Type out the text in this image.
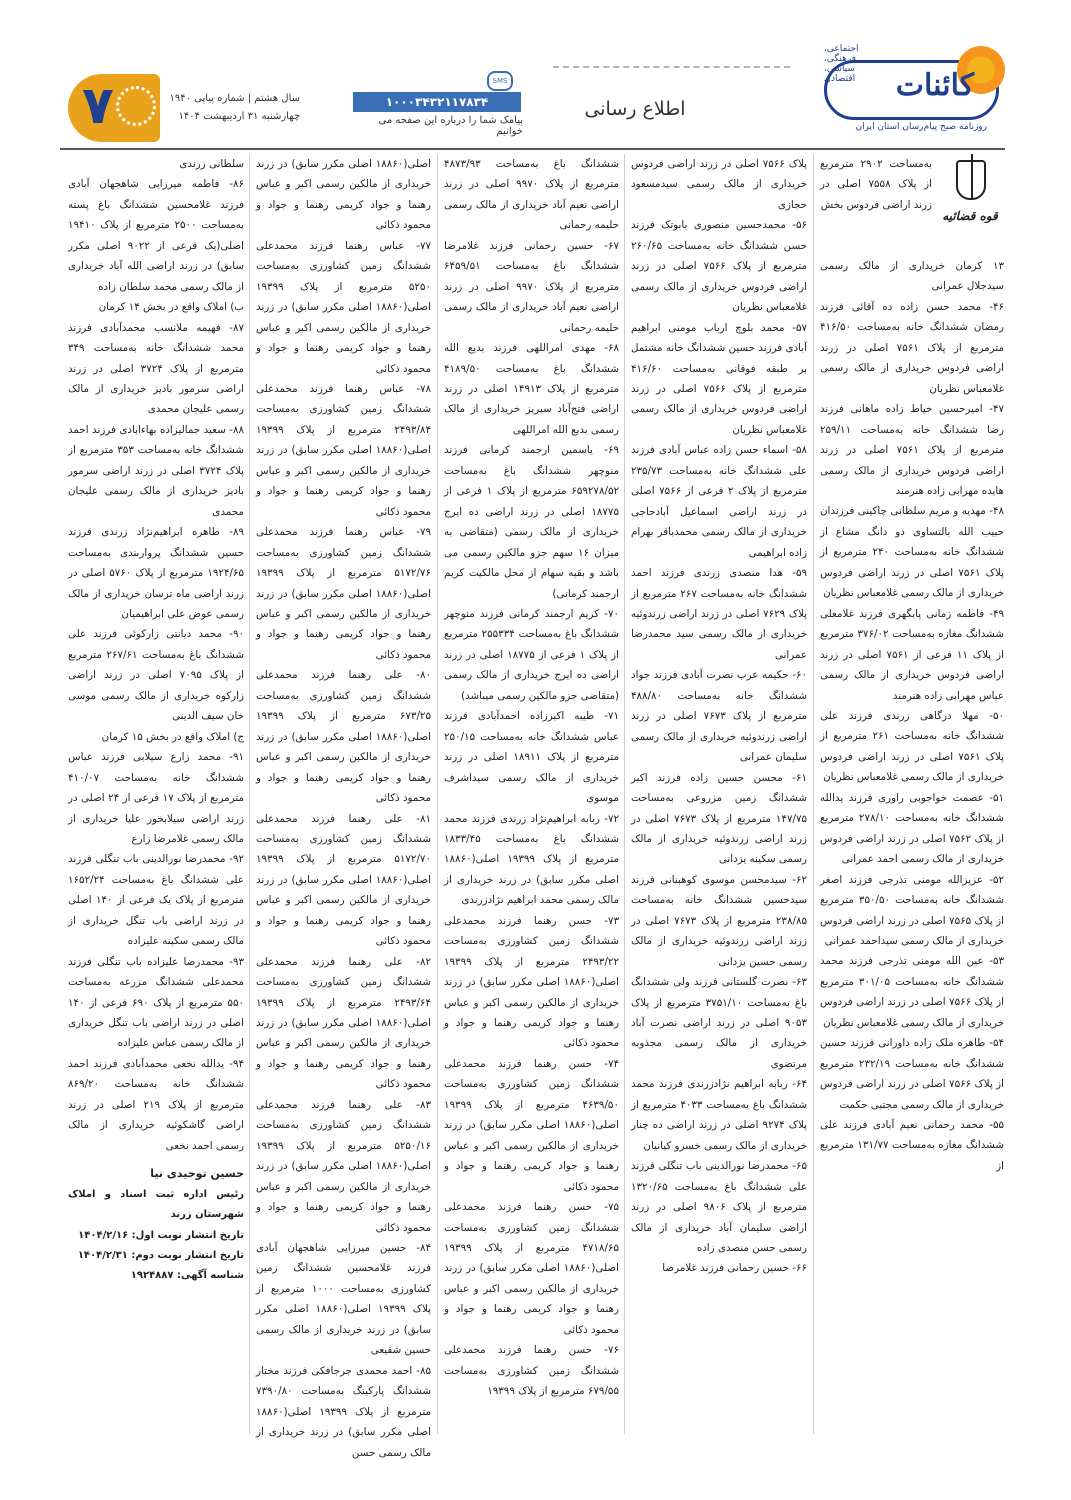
کائنات
اجتماعی، فرهنگی، سیاسی، اقتصادی
روزنامه صبح پیام‌رسان استان ایران
اطلاع رسانی
SMS
۱۰۰۰۳۴۳۲۱۱۷۸۳۴
پیامک شما را درباره این صفحه می خوانیم
سال هشتم | شماره پیاپی ۱۹۴۰
چهارشنبه ۳۱ اردیبهشت ۱۴۰۴
۷
قوه قضائیه
به‌مساحت ۲۹۰۲ مترمربع از پلاک ۷۵۵۸ اصلی در زرند اراضی فردوس بخش
۱۳ کرمان خریداری از مالک رسمی سیدجلال عمرانی
۴۶- محمد حسن زاده ده آقائی فرزند رمضان ششدانگ خانه به‌مساحت ۴۱۶/۵۰ مترمربع از پلاک ۷۵۶۱ اصلی در زرند اراضی فردوس خریداری از مالک رسمی غلامعباس نظریان
۴۷- امیرحسین خیاط زاده ماهانی فرزند رضا ششدانگ خانه به‌مساحت ۲۵۹/۱۱ مترمربع از پلاک ۷۵۶۱ اصلی در زرند اراضی فردوس خریداری از مالک رسمی هایده مهرابی زاده هنرمند
۴۸- مهدیه و مریم سلطانی چاکینی فرزندان حبیب الله بالتساوی دو دانگ مشاع از ششدانگ خانه به‌مساحت ۲۴۰ مترمربع از پلاک ۷۵۶۱ اصلی در زرند اراضی فردوس خریداری از مالک رسمی غلامعباس نظریان
۴۹- فاطمه زمانی پابگهری فرزند غلامعلی ششدانگ مغازه به‌مساحت ۳۷۶/۰۲ مترمربع از پلاک ۱۱ فرعی از ۷۵۶۱ اصلی در زرند اراضی فردوس خریداری از مالک رسمی عباس مهرابی زاده هنرمند
۵۰- مهلا درگاهی زرندی فرزند علی ششدانگ خانه به‌مساحت ۲۶۱ مترمربع از پلاک ۷۵۶۱ اصلی در زرند اراضی فردوس خریداری از مالک رسمی غلامعباس نظریان
۵۱- عصمت خواجوبی راوری فرزند یدالله ششدانگ خانه به‌مساحت ۲۷۸/۱۰ مترمربع از پلاک ۷۵۶۲ اصلی در زرند اراضی فردوس خریداری از مالک رسمی احمد عمرانی
۵۲- عزیزالله مومنی تذرجی فرزند اصغر ششدانگ خانه به‌مساحت ۳۵۰/۵۰ مترمربع از پلاک ۷۵۶۵ اصلی در زرند اراضی فردوس خریداری از مالک رسمی سیداحمد عمرانی
۵۳- عین الله مومنی تذرجی فرزند محمد ششدانگ خانه به‌مساحت ۳۰۱/۰۵ مترمربع از پلاک ۷۵۶۶ اصلی در زرند اراضی فردوس خریداری از مالک رسمی غلامعباس نظریان
۵۴- طاهره ملک زاده داورانی فرزند حسین ششدانگ خانه به‌مساحت ۲۳۲/۱۹ مترمربع از پلاک ۷۵۶۶ اصلی در زرند اراضی فردوس خریداری از مالک رسمی مجتبی حکمت
۵۵- محمد رحمانی نعیم آبادی فرزند علی ششدانگ مغازه به‌مساحت ۱۳۱/۷۷ مترمربع از
پلاک ۷۵۶۶ اصلی در زرند اراضی فردوس خریداری از مالک رسمی سیدمسعود حجازی
۵۶- محمدحسین منصوری بابوتک فرزند حسن ششدانگ خانه به‌مساحت ۲۶۰/۶۵ مترمربع از پلاک ۷۵۶۶ اصلی در زرند اراضی فردوس خریداری از مالک رسمی غلامعباس نظریان
۵۷- محمد بلوچ ارباب مومنی ابراهیم آبادی فرزند حسین ششدانگ خانه مشتمل بر طبقه فوقانی به‌مساحت ۴۱۶/۶۰ مترمربع از پلاک ۷۵۶۶ اصلی در زرند اراضی فردوس خریداری از مالک رسمی غلامعباس نظریان
۵۸- اسماء حسن زاده عباس آبادی فرزند علی ششدانگ خانه به‌مساحت ۲۳۵/۷۳ مترمربع از پلاک ۲ فرعی از ۷۵۶۶ اصلی در زرند اراضی اسماعیل آبادحاجی خریداری از مالک رسمی محمدباقر بهرام زاده ابراهیمی
۵۹- هدا منصدی زرندی فرزند احمد ششدانگ خانه به‌مساحت ۲۶۷ مترمربع از پلاک ۷۶۲۹ اصلی در زرند اراضی زرندوئیه خریداری از مالک رسمی سید محمدرضا عمرانی
۶۰- حکیمه عرب نصرت آبادی فرزند جواد ششدانگ خانه به‌مساحت ۴۸۸/۸۰ مترمربع از پلاک ۷۶۷۳ اصلی در زرند اراضی زرندوئیه خریداری از مالک رسمی سلیمان عمرانی
۶۱- محسن حسین زاده فرزند اکبر ششدانگ زمین مزروعی به‌مساحت ۱۴۷/۷۵ مترمربع از پلاک ۷۶۷۳ اصلی در زرند اراضی زرندوئیه خریداری از مالک رسمی سکینه یزدانی
۶۲- سیدمحسن موسوی کوهبنانی فرزند سیدحسین ششدانگ خانه به‌مساحت ۲۳۸/۸۵ مترمربع از پلاک ۷۶۷۳ اصلی در زرند اراضی زرندوئیه خریداری از مالک رسمی حسین یزدانی
۶۳- نصرت گلستانی فرزند ولی ششدانگ باغ به‌مساحت ۳۷۵۱/۱۰ مترمربع از پلاک ۹۰۵۳ اصلی در زرند اراضی نصرت آباد خریداری از مالک رسمی مجذوبه مرتضوی
۶۴- ربابه ابراهیم نژادزرندی فرزند محمد ششدانگ باغ به‌مساحت ۴۰۳۳ مترمربع از پلاک ۹۲۷۴ اصلی در زرند اراضی ده چنار خریداری از مالک رسمی خسرو کیانیان
۶۵- محمدرضا نورالدینی باب تنگلی فرزند علی ششدانگ باغ به‌مساحت ۱۳۲۰/۶۵ مترمربع از پلاک ۹۸۰۶ اصلی در زرند اراضی سلیمان آباد خریداری از مالک رسمی حسن منصدی زاده
۶۶- حسین رحمانی فرزند غلامرضا
ششدانگ باغ به‌مساحت ۴۸۷۳/۹۳ مترمربع از پلاک ۹۹۷۰ اصلی در زرند اراضی نعیم آباد خریداری از مالک رسمی حلیمه رحمانی
۶۷- حسین رحمانی فرزند غلامرضا ششدانگ باغ به‌مساحت ۶۴۵۹/۵۱ مترمربع از پلاک ۹۹۷۰ اصلی در زرند اراضی نعیم آباد خریداری از مالک رسمی حلیمه رحمانی
۶۸- مهدی امراللهی فرزند بدیع الله ششدانگ باغ به‌مساحت ۴۱۸۹/۵۰ مترمربع از پلاک ۱۴۹۱۳ اصلی در زرند اراضی فتح‌آباد سیریز خریداری از مالک رسمی بدیع الله امراللهی
۶۹- یاسمین ارجمند کرمانی فرزند منوچهر ششدانگ باغ به‌مساحت ۶۵۹۲۷۸/۵۲ مترمربع از پلاک ۱ فرعی از ۱۸۷۷۵ اصلی در زرند اراضی ده ایرج خریداری از مالک رسمی (متقاضی به میزان ۱۶ سهم جزو مالکین رسمی می باشد و بقیه سهام از محل مالکیت کریم ارجمند کرمانی)
۷۰- کریم ارجمند کرمانی فرزند منوچهر ششدانگ باغ به‌مساحت ۲۵۵۳۳۴ مترمربع از پلاک ۱ فرعی از ۱۸۷۷۵ اصلی در زرند اراضی ده ایرج خریداری از مالک رسمی (متقاضی جزو مالکین رسمی میباشد)
۷۱- طیبه اکبرزاده احمدآبادی فرزند عباس ششدانگ خانه به‌مساحت ۲۵۰/۱۵ مترمربع از پلاک ۱۸۹۱۱ اصلی در زرند خریداری از مالک رسمی سیداشرف موسوی
۷۲- ربابه ابراهیم‌نژاد زرندی فرزند محمد ششدانگ باغ به‌مساحت ۱۸۳۳/۴۵ مترمربع از پلاک ۱۹۳۹۹ اصلی(۱۸۸۶۰ اصلی مکرر سابق) در زرند خریداری از مالک رسمی محمد ابراهیم نژادزرندی
۷۳- حسن رهنما فرزند محمدعلی ششدانگ زمین کشاورزی به‌مساحت ۲۴۹۳/۲۲ مترمربع از پلاک ۱۹۳۹۹ اصلی(۱۸۸۶۰ اصلی مکرر سابق) در زرند خریداری از مالکین رسمی اکبر و عباس رهنما و جواد کریمی رهنما و جواد و محمود ذکائی
۷۴- حسن رهنما فرزند محمدعلی ششدانگ زمین کشاورزی به‌مساحت ۴۶۳۹/۵۰ مترمربع از پلاک ۱۹۳۹۹ اصلی(۱۸۸۶۰ اصلی مکرر سابق) در زرند خریداری از مالکین رسمی اکبر و عباس رهنما و جواد کریمی رهنما و جواد و محمود ذکائی
۷۵- حسن رهنما فرزند محمدعلی ششدانگ زمین کشاورزی به‌مساحت ۴۷۱۸/۶۵ مترمربع از پلاک ۱۹۳۹۹ اصلی(۱۸۸۶۰ اصلی مکرر سابق) در زرند خریداری از مالکین رسمی اکبر و عباس رهنما و جواد کریمی رهنما و جواد و محمود ذکائی
۷۶- حسن رهنما فرزند محمدعلی ششدانگ زمین کشاورزی به‌مساحت ۶۷۹/۵۵ مترمربع از پلاک ۱۹۳۹۹
اصلی(۱۸۸۶۰ اصلی مکرر سابق) در زرند خریداری از مالکین رسمی اکبر و عباس رهنما و جواد کریمی رهنما و جواد و محمود ذکائی
۷۷- عباس رهنما فرزند محمدعلی ششدانگ زمین کشاورزی به‌مساحت ۵۲۵۰ مترمربع از پلاک ۱۹۳۹۹ اصلی(۱۸۸۶۰ اصلی مکرر سابق) در زرند خریداری از مالکین رسمی اکبر و عباس رهنما و جواد کریمی رهنما و جواد و محمود ذکائی
۷۸- عباس رهنما فرزند محمدعلی ششدانگ زمین کشاورزی به‌مساحت ۲۴۹۳/۸۴ مترمربع از پلاک ۱۹۳۹۹ اصلی(۱۸۸۶۰ اصلی مکرر سابق) در زرند خریداری از مالکین رسمی اکبر و عباس رهنما و جواد کریمی رهنما و جواد و محمود ذکائی
۷۹- عباس رهنما فرزند محمدعلی ششدانگ زمین کشاورزی به‌مساحت ۵۱۷۲/۷۶ مترمربع از پلاک ۱۹۳۹۹ اصلی(۱۸۸۶۰ اصلی مکرر سابق) در زرند خریداری از مالکین رسمی اکبر و عباس رهنما و جواد کریمی رهنما و جواد و محمود ذکائی
۸۰- علی رهنما فرزند محمدعلی ششدانگ زمین کشاورزی به‌مساحت ۶۷۳/۲۵ مترمربع از پلاک ۱۹۳۹۹ اصلی(۱۸۸۶۰ اصلی مکرر سابق) در زرند خریداری از مالکین رسمی اکبر و عباس رهنما و جواد کریمی رهنما و جواد و محمود ذکائی
۸۱- علی رهنما فرزند محمدعلی ششدانگ زمین کشاورزی به‌مساحت ۵۱۷۲/۷۰ مترمربع از پلاک ۱۹۳۹۹ اصلی(۱۸۸۶۰ اصلی مکرر سابق) در زرند خریداری از مالکین رسمی اکبر و عباس رهنما و جواد کریمی رهنما و جواد و محمود ذکائی
۸۲- علی رهنما فرزند محمدعلی ششدانگ زمین کشاورزی به‌مساحت ۲۴۹۳/۶۴ مترمربع از پلاک ۱۹۳۹۹ اصلی(۱۸۸۶۰ اصلی مکرر سابق) در زرند خریداری از مالکین رسمی اکبر و عباس رهنما و جواد کریمی رهنما و جواد و محمود ذکائی
۸۳- علی رهنما فرزند محمدعلی ششدانگ زمین کشاورزی به‌مساحت ۵۲۵۰/۱۶ مترمربع از پلاک ۱۹۳۹۹ اصلی(۱۸۸۶۰ اصلی مکرر سابق) در زرند خریداری از مالکین رسمی اکبر و عباس رهنما و جواد کریمی رهنما و جواد و محمود ذکائی
۸۴- حسین میرزایی شاهجهان آبادی فرزند غلامحسین ششدانگ زمین کشاورزی به‌مساحت ۱۰۰۰ مترمربع از پلاک ۱۹۳۹۹ اصلی(۱۸۸۶۰ اصلی مکرر سابق) در زرند خریداری از مالک رسمی حسین شفیعی
۸۵- احمد محمدی جرجافکی فرزند مختار ششدانگ پارکینگ به‌مساحت ۷۳۹۰/۸۰ مترمربع از پلاک ۱۹۳۹۹ اصلی(۱۸۸۶۰ اصلی مکرر سابق) در زرند خریداری از مالک رسمی حسن
سلطانی زرندی
۸۶- فاطمه میرزایی شاهجهان آبادی فرزند غلامحسین ششدانگ باغ پسته به‌مساحت ۲۵۰۰ مترمربع از پلاک ۱۹۴۱۰ اصلی(یک فرعی از ۹۰۲۲ اصلی مکرر سابق) در زرند اراضی الله آباد خریداری از مالک رسمی محمد سلطان زاده
ب) املاک واقع در بخش ۱۴ کرمان
۸۷- فهیمه ملانسب محمدآبادی فرزند محمد ششدانگ خانه به‌مساحت ۳۴۹ مترمربع از پلاک ۳۷۲۴ اصلی در زرند اراضی سرمور بادیز خریداری از مالک رسمی علیجان محمدی
۸۸- سعید جمالیزاده بهاءابادی فرزند احمد ششدانگ خانه به‌مساحت ۳۵۳ مترمربع از پلاک ۳۷۲۴ اصلی در زرند اراضی سرمور بادیز خریداری از مالک رسمی علیجان محمدی
۸۹- طاهره ابراهیم‌نژاد زرندی فرزند حسین ششدانگ پرواربندی به‌مساحت ۱۹۲۴/۶۵ مترمربع از پلاک ۵۷۶۰ اصلی در زرند اراضی ماه ترسان خریداری از مالک رسمی عوض علی ابراهیمیان
۹۰- محمد دیانتی زارکوئی فرزند علی ششدانگ باغ به‌مساحت ۲۶۷/۶۱ مترمربع از پلاک ۷۰۹۵ اصلی در زرند اراضی زارکوه خریداری از مالک رسمی موسی خان سیف الدینی
ج) املاک واقع در بخش ۱۵ کرمان
۹۱- محمد زارع سیلابی فرزند عباس ششدانگ خانه به‌مساحت ۴۱۰/۰۷ مترمربع از پلاک ۱۷ فرعی از ۲۴ اصلی در زرند اراضی سیلابخور علیا خریداری از مالک رسمی غلامرضا زارع
۹۲- محمدرضا نورالدینی باب تنگلی فرزند علی ششدانگ باغ به‌مساحت ۱۶۵۲/۲۴ مترمربع از پلاک یک فرعی از ۱۴۰ اصلی در زرند اراضی باب تنگل خریداری از مالک رسمی سکینه علیزاده
۹۳- محمدرضا علیزاده باب تنگلی فرزند محمدعلی ششدانگ مزرعه به‌مساحت ۵۵۰ مترمربع از پلاک ۶۹۰ فرعی از ۱۴۰ اصلی در زرند اراضی باب تنگل خریداری از مالک رسمی عباس علیزاده
۹۴- یدالله نخعی محمدآبادی فرزند احمد ششدانگ خانه به‌مساحت ۸۶۹/۲۰ مترمربع از پلاک ۲۱۹ اصلی در زرند اراضی گاشکوئیه خریداری از مالک رسمی احمد نخعی
حسین توحیدی نیا
رئیس اداره ثبت اسناد و املاک شهرستان زرند
تاریخ انتشار نوبت اول: ۱۴۰۴/۲/۱۶
تاریخ انتشار نوبت دوم: ۱۴۰۴/۲/۳۱
شناسه آگهی: ۱۹۲۴۸۸۷
